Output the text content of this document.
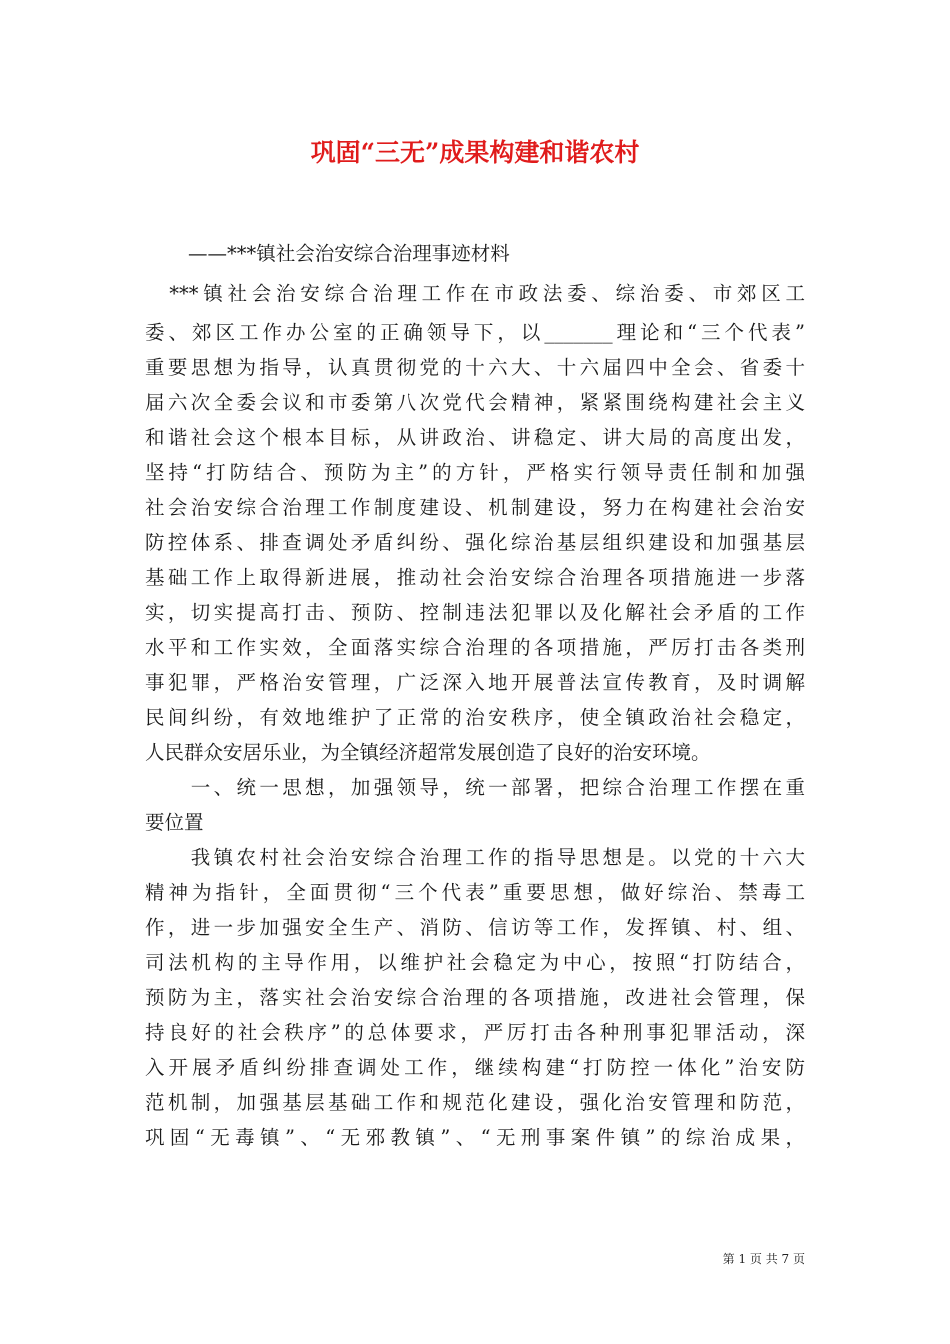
巩固“三无”成果构建和谐农村
——***镇社会治安综合治理事迹材料
　***镇社会治安综合治理工作在市政法委、综治委、市郊区工
委、郊区工作办公室的正确领导下，以_______理论和“三个代表”
重要思想为指导，认真贯彻党的十六大、十六届四中全会、省委十
届六次全委会议和市委第八次党代会精神，紧紧围绕构建社会主义
和谐社会这个根本目标，从讲政治、讲稳定、讲大局的高度出发，
坚持“打防结合、预防为主”的方针，严格实行领导责任制和加强
社会治安综合治理工作制度建设、机制建设，努力在构建社会治安
防控体系、排查调处矛盾纠纷、强化综治基层组织建设和加强基层
基础工作上取得新进展，推动社会治安综合治理各项措施进一步落
实，切实提高打击、预防、控制违法犯罪以及化解社会矛盾的工作
水平和工作实效，全面落实综合治理的各项措施，严厉打击各类刑
事犯罪，严格治安管理，广泛深入地开展普法宣传教育，及时调解
民间纠纷，有效地维护了正常的治安秩序，使全镇政治社会稳定，
人民群众安居乐业，为全镇经济超常发展创造了良好的治安环境。
　　一、统一思想，加强领导，统一部署，把综合治理工作摆在重
要位置
　　我镇农村社会治安综合治理工作的指导思想是。以党的十六大
精神为指针，全面贯彻“三个代表”重要思想，做好综治、禁毒工
作，进一步加强安全生产、消防、信访等工作，发挥镇、村、组、
司法机构的主导作用，以维护社会稳定为中心，按照“打防结合，
预防为主，落实社会治安综合治理的各项措施，改进社会管理，保
持良好的社会秩序”的总体要求，严厉打击各种刑事犯罪活动，深
入开展矛盾纠纷排查调处工作，继续构建“打防控一体化”治安防
范机制，加强基层基础工作和规范化建设，强化治安管理和防范，
巩固“无毒镇”、“无邪教镇”、“无刑事案件镇”的综治成果，
第 1 页 共 7 页
